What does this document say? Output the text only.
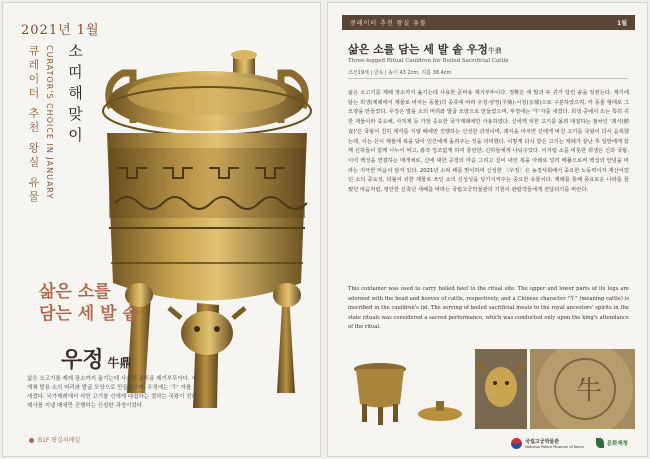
2021년 1월
소띠해맞이
CURATOR'S CHOICE IN JANUARY
큐레이터 추천 왕실 유물
삶은 소를
담는 세 발 솥
우정 牛鼎
삶은 소고기를 제례 장소까지 옮기는데 사용한 준비용 제기부뚜이다. 세 개체 발용 소의 머리와 발굽 모양으로 만들었으며, 우정에는 '牛' 자를 새겼다. 국가제례에서 삭힌 고기를 신에게 대접하는 절차는 국왕이 친히 제사를 지낼 때에만 진행하는 신성한 과정이었다.
B1F 왕실의례실
큐레이터 추천 왕실 유물	1월
삶은 소를 담는 세 발 솥 우정牛鼎
Three-legged Ritual Cauldron for Boiled Sacrificial Cattle
조선19세 | 금속 | 높이 43.2cm, 지름 38.4cm
삶은 소고기를 제례 장소까지 옮기는데 사용한 준비용 제기부뚜이다. 정확은 세 발과 두 귀가 달린 솥을 일컫는다. 제기에 담는 희생(제례에서 제물로 바치는 동물)의 종류에 따라 우정·양정(羊鼎)·시정(豕鼎)으로 구분하였으며, 각 동물 형태로 그 모양을 만들었다. 우정은 발을 소의 머리와 발굽 모양으로 만들었으며, 뚜껑에는 '牛'자를 새겼다. 희생 중에서 소는 특히 귀한 재물이라 중요해, 사직제 등 가장 중요한 국가제례에만 사용하였다. 신에게 익힌 고기를 올려 대접하는 절차인 '궤식(饋食)'은 국왕이 친히 제사를 지낼 때에만 진행하는 신성한 과정이며, 궤식을 마치면 신에게 바친 고기를 국왕이 다시 음복했는데, 이는 신이 제물에 복을 담아 인간에게 돌려주는 것을 의미했다. 이렇게 다시 받은 고기는 제례가 끝난 후 일반에게 함께 신하들이 함께 나누어 먹고, 흉작 징조없게 하며 충만한, 신하들에게 나눠주었다. 이처럼 소를 비롯한 희생은 신과 국왕, 이어 백성을 연결하는 매개체로, 신에 대한 공경의 마음 그리고 신이 내린 복을 아래로 널리 베풀으로써 백성의 안녕을 바라는 지극한 마음이 담겨 있다. 2021년 소띠 해를 맞이하여 신성한 〈우정〉은 농경사회에서 중요한 노동력이자 재산이었던 소의 중요성, 더불어 귀한 재물로 쓰인 소의 신성성을 상기시켜주는 중요한 유물이다. 제례를 통해 풍요로운 나라를 꿈꿨던 마음처럼, 평안한 신축년 새해를 바라는 국립고궁박물관의 기원이 관람객들에게 전달되기를 바란다.
This container was used to carry boiled beef to the ritual site. The upper and lower parts of its legs are adorned with the head and hooves of cattle, respectively, and a Chinese character "牛" (meaning cattle) is inscribed in the cauldron's lid. The serving of boiled sacrificial meats to the royal ancestors' spirits in the state rituals was considered a sacred performance, which was conducted only upon the king's attendance of the ritual.
牛
국립고궁박물관
National Palace Museum of Korea	문화재청
